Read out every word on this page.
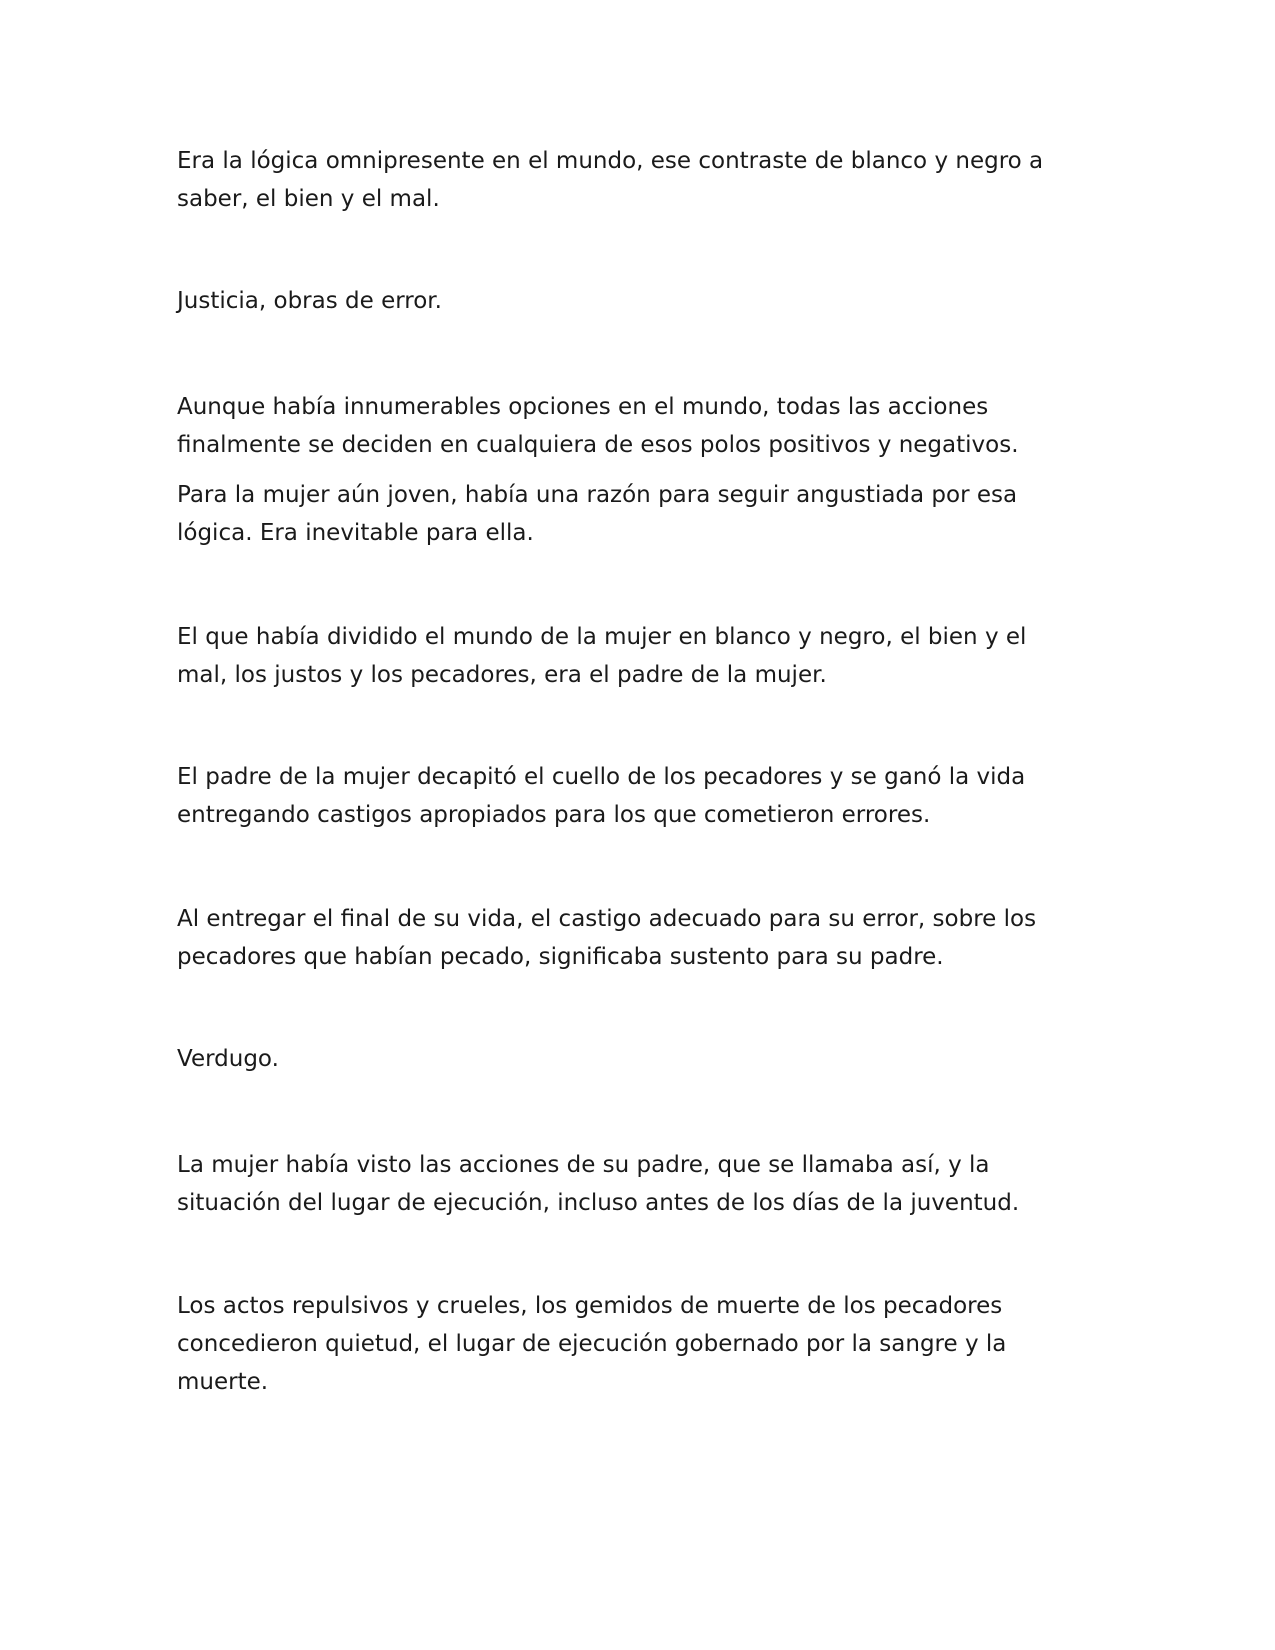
Era la lógica omnipresente en el mundo, ese contraste de blanco y negro a
saber, el bien y el mal.

Justicia, obras de error.

Aunque había innumerables opciones en el mundo, todas las acciones
finalmente se deciden en cualquiera de esos polos positivos y negativos.

Para la mujer aún joven, había una razón para seguir angustiada por esa
lógica. Era inevitable para ella.

El que había dividido el mundo de la mujer en blanco y negro, el bien y el
mal, los justos y los pecadores, era el padre de la mujer.

El padre de la mujer decapitó el cuello de los pecadores y se ganó la vida
entregando castigos apropiados para los que cometieron errores.

Al entregar el final de su vida, el castigo adecuado para su error, sobre los
pecadores que habían pecado, significaba sustento para su padre.

Verdugo.

La mujer había visto las acciones de su padre, que se llamaba así, y la
situación del lugar de ejecución, incluso antes de los días de la juventud.

Los actos repulsivos y crueles, los gemidos de muerte de los pecadores
concedieron quietud, el lugar de ejecución gobernado por la sangre y la
muerte.
